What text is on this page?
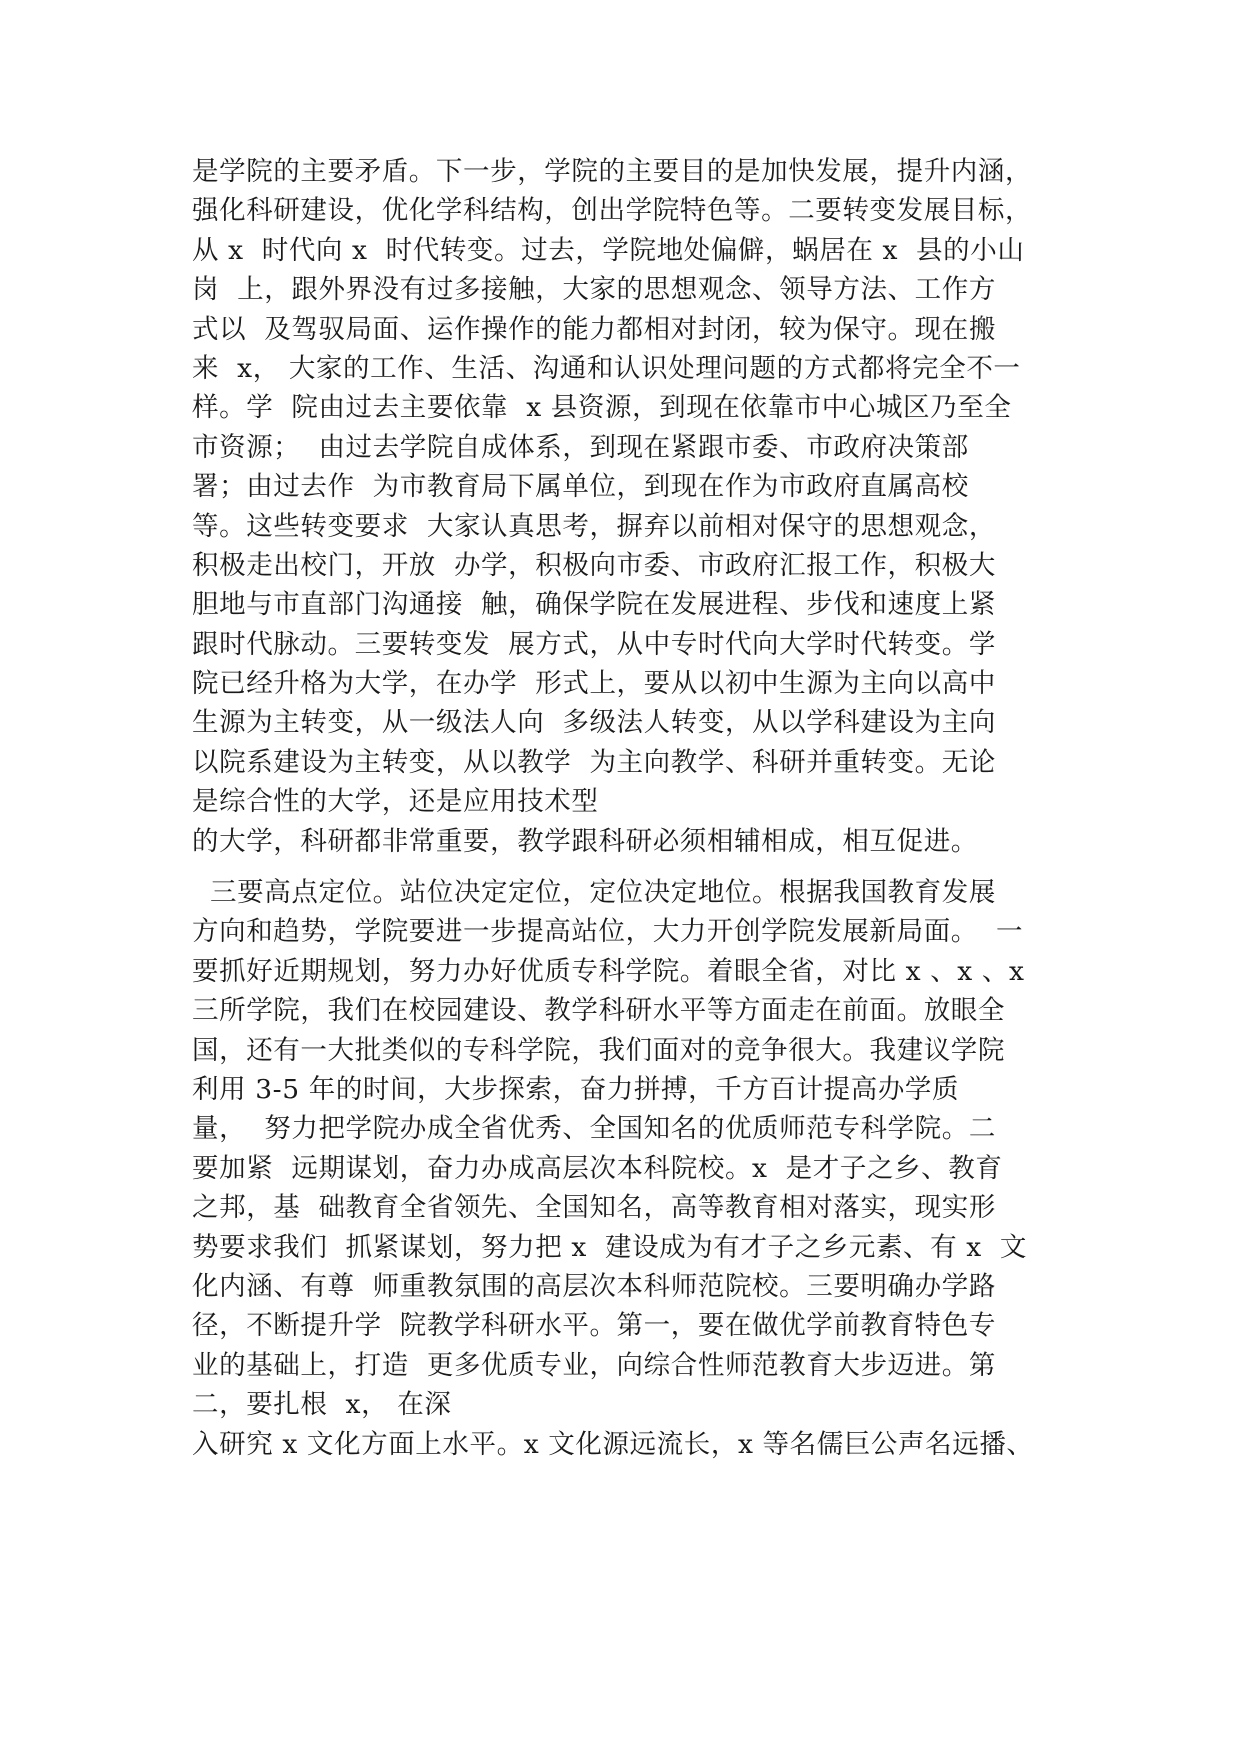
是学院的主要矛盾。下一步，学院的主要目的是加快发展，提升内涵，
强化科研建设，优化学科结构，创出学院特色等。二要转变发展目标，
从 x  时代向 x  时代转变。过去，学院地处偏僻，蜗居在 x  县的小山
岗  上，跟外界没有过多接触，大家的思想观念、领导方法、工作方
式以  及驾驭局面、运作操作的能力都相对封闭，较为保守。现在搬
来  x， 大家的工作、生活、沟通和认识处理问题的方式都将完全不一
样。学  院由过去主要依靠  x 县资源，到现在依靠市中心城区乃至全
市资源；  由过去学院自成体系，到现在紧跟市委、市政府决策部
署；由过去作  为市教育局下属单位，到现在作为市政府直属高校
等。这些转变要求  大家认真思考，摒弃以前相对保守的思想观念，
积极走出校门，开放  办学，积极向市委、市政府汇报工作，积极大
胆地与市直部门沟通接  触，确保学院在发展进程、步伐和速度上紧
跟时代脉动。三要转变发  展方式，从中专时代向大学时代转变。学
院已经升格为大学，在办学  形式上，要从以初中生源为主向以高中
生源为主转变，从一级法人向  多级法人转变，从以学科建设为主向
以院系建设为主转变，从以教学  为主向教学、科研并重转变。无论
是综合性的大学，还是应用技术型
的大学，科研都非常重要，教学跟科研必须相辅相成，相互促进。
三要高点定位。站位决定定位，定位决定地位。根据我国教育发展
方向和趋势，学院要进一步提高站位，大力开创学院发展新局面。  一
要抓好近期规划，努力办好优质专科学院。着眼全省，对比 x 、x 、x
三所学院，我们在校园建设、教学科研水平等方面走在前面。放眼全
国，还有一大批类似的专科学院，我们面对的竞争很大。我建议学院
利用 3-5 年的时间，大步探索，奋力拼搏，千方百计提高办学质
量，  努力把学院办成全省优秀、全国知名的优质师范专科学院。二
要加紧  远期谋划，奋力办成高层次本科院校。x  是才子之乡、教育
之邦，基  础教育全省领先、全国知名，高等教育相对落实，现实形
势要求我们  抓紧谋划，努力把 x  建设成为有才子之乡元素、有 x  文
化内涵、有尊  师重教氛围的高层次本科师范院校。三要明确办学路
径，不断提升学  院教学科研水平。第一，要在做优学前教育特色专
业的基础上，打造  更多优质专业，向综合性师范教育大步迈进。第
二，要扎根  x， 在深
入研究 x 文化方面上水平。x 文化源远流长，x 等名儒巨公声名远播、
